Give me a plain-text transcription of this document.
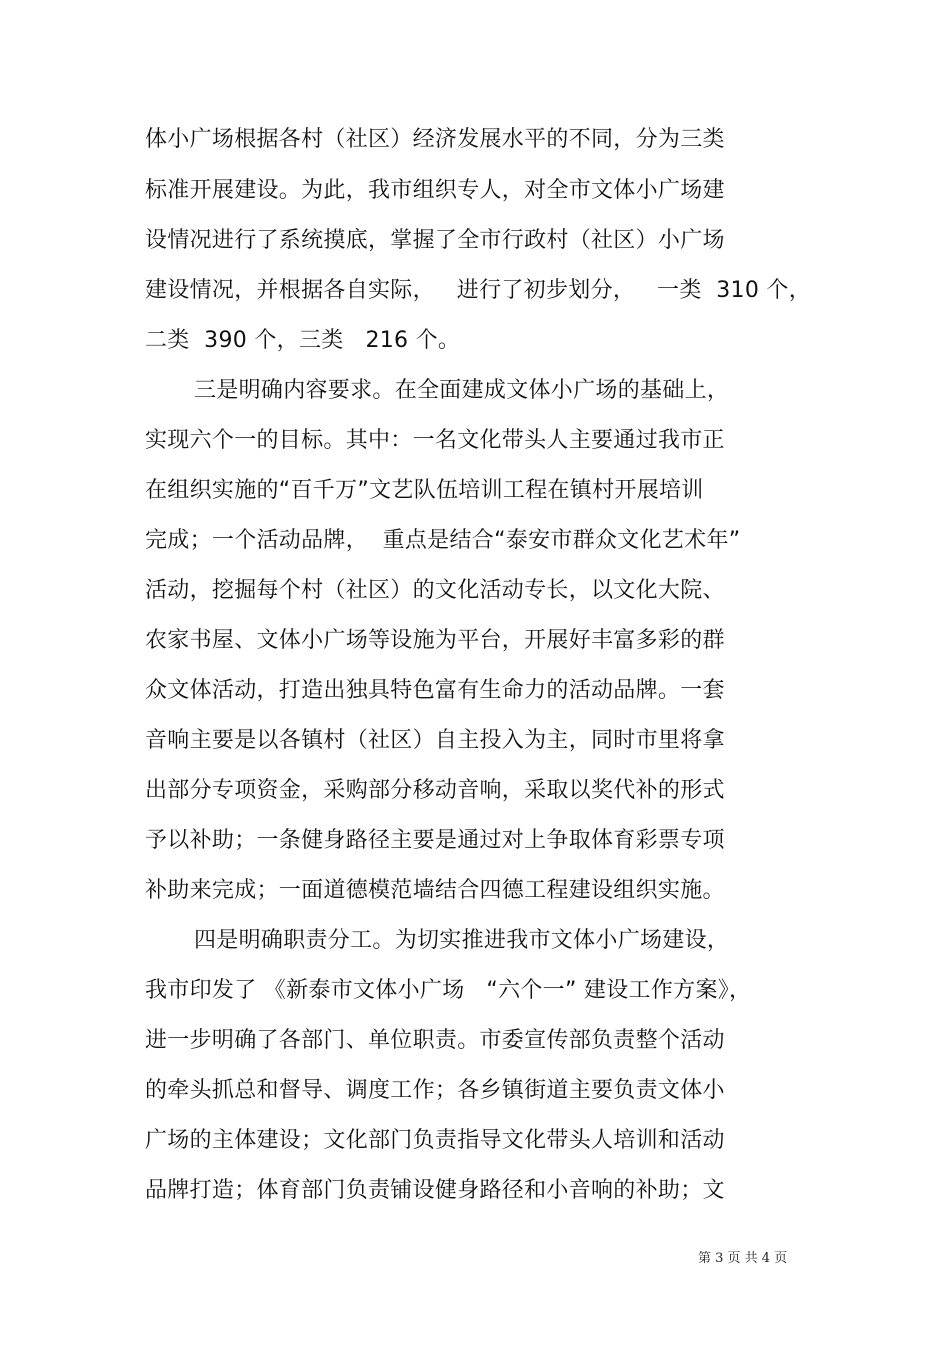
体小广场根据各村（社区）经济发展水平的不同，分为三类
标准开展建设。为此，我市组织专人，对全市文体小广场建
设情况进行了系统摸底，掌握了全市行政村（社区）小广场
建设情况，并根据各自实际，   进行了初步划分，   一类  310 个，
二类  390 个，三类   216 个。
三是明确内容要求。在全面建成文体小广场的基础上，
实现六个一的目标。其中：一名文化带头人主要通过我市正
在组织实施的“百千万”文艺队伍培训工程在镇村开展培训
完成；一个活动品牌，  重点是结合“泰安市群众文化艺术年”
活动，挖掘每个村（社区）的文化活动专长，以文化大院、
农家书屋、文体小广场等设施为平台，开展好丰富多彩的群
众文体活动，打造出独具特色富有生命力的活动品牌。一套
音响主要是以各镇村（社区）自主投入为主，同时市里将拿
出部分专项资金，采购部分移动音响，采取以奖代补的形式
予以补助；一条健身路径主要是通过对上争取体育彩票专项
补助来完成；一面道德模范墙结合四德工程建设组织实施。
四是明确职责分工。为切实推进我市文体小广场建设，
我市印发了 《新泰市文体小广场   “六个一” 建设工作方案》，
进一步明确了各部门、单位职责。市委宣传部负责整个活动
的牵头抓总和督导、调度工作；各乡镇街道主要负责文体小
广场的主体建设；文化部门负责指导文化带头人培训和活动
品牌打造；体育部门负责铺设健身路径和小音响的补助；文
第 3 页 共 4 页
